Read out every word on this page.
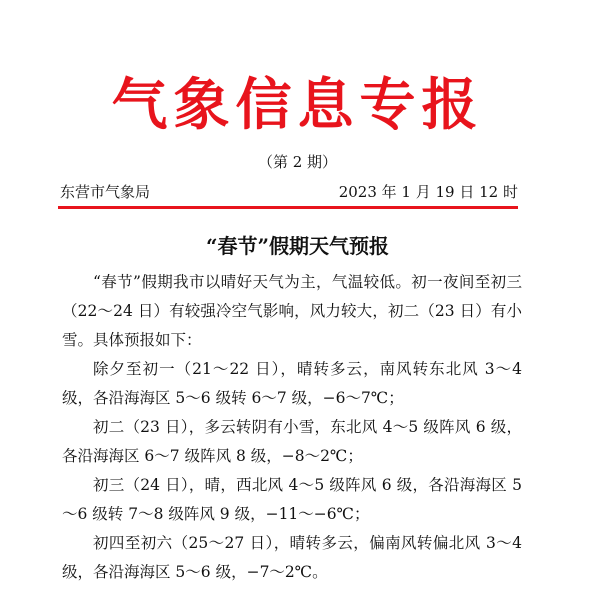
气象信息专报
（第 2 期）
东营市气象局	2023 年 1 月 19 日 12 时
“春节”假期天气预报

“春节”假期我市以晴好天气为主，气温较低。初一夜间至初三（22～24 日）有较强冷空气影响，风力较大，初二（23 日）有小雪。具体预报如下：

除夕至初一（21～22 日），晴转多云，南风转东北风 3～4 级，各沿海海区 5～6 级转 6～7 级，−6～7℃；

初二（23 日），多云转阴有小雪，东北风 4～5 级阵风 6 级，各沿海海区 6～7 级阵风 8 级，−8～2℃；

初三（24 日），晴，西北风 4～5 级阵风 6 级，各沿海海区 5～6 级转 7～8 级阵风 9 级，−11～−6℃；

初四至初六（25～27 日），晴转多云，偏南风转偏北风 3～4 级，各沿海海区 5～6 级，−7～2℃。
